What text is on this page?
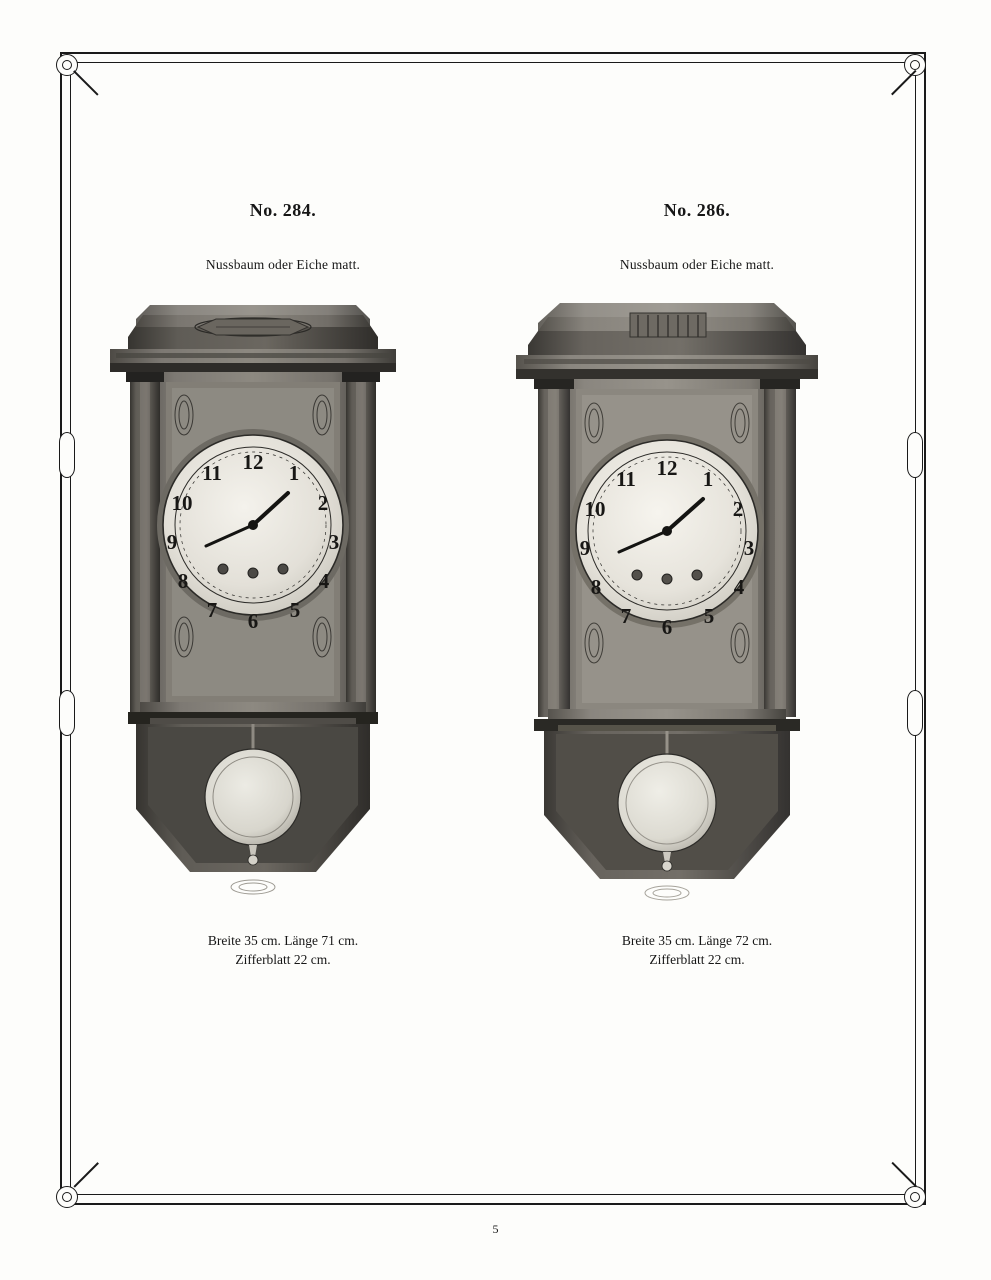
No. 284.

Nussbaum oder Eiche matt.

12 1
2
3
4
5
6
7
8
9
10
11

Breite 35 cm. Länge 71 cm.
Zifferblatt 22 cm.

No. 286.

Nussbaum oder Eiche matt.

12 1
2
3
4
5
6
7
8
9
10
11

Breite 35 cm. Länge 72 cm.
Zifferblatt 22 cm.

5
